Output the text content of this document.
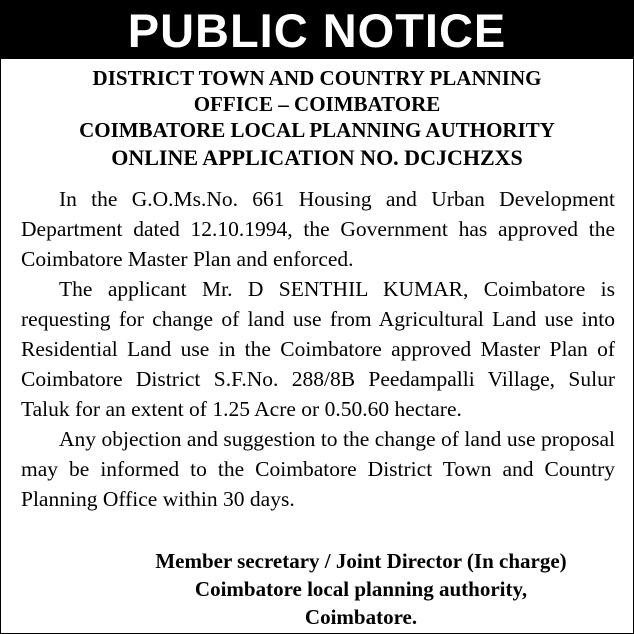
PUBLIC NOTICE
DISTRICT TOWN AND COUNTRY PLANNING
OFFICE – COIMBATORE
COIMBATORE LOCAL PLANNING AUTHORITY
ONLINE APPLICATION NO. DCJCHZXS

In the G.O.Ms.No. 661 Housing and Urban Development Department dated 12.10.1994, the Government has approved the Coimbatore Master Plan and enforced.

The applicant Mr. D SENTHIL KUMAR, Coimbatore is requesting for change of land use from Agricultural Land use into Residential Land use in the Coimbatore approved Master Plan of Coimbatore District S.F.No. 288/8B Peedampalli Village, Sulur Taluk for an extent of 1.25 Acre or 0.50.60 hectare.

Any objection and suggestion to the change of land use proposal may be informed to the Coimbatore District Town and Country Planning Office within 30 days.

Member secretary / Joint Director (In charge)
Coimbatore local planning authority,
Coimbatore.
